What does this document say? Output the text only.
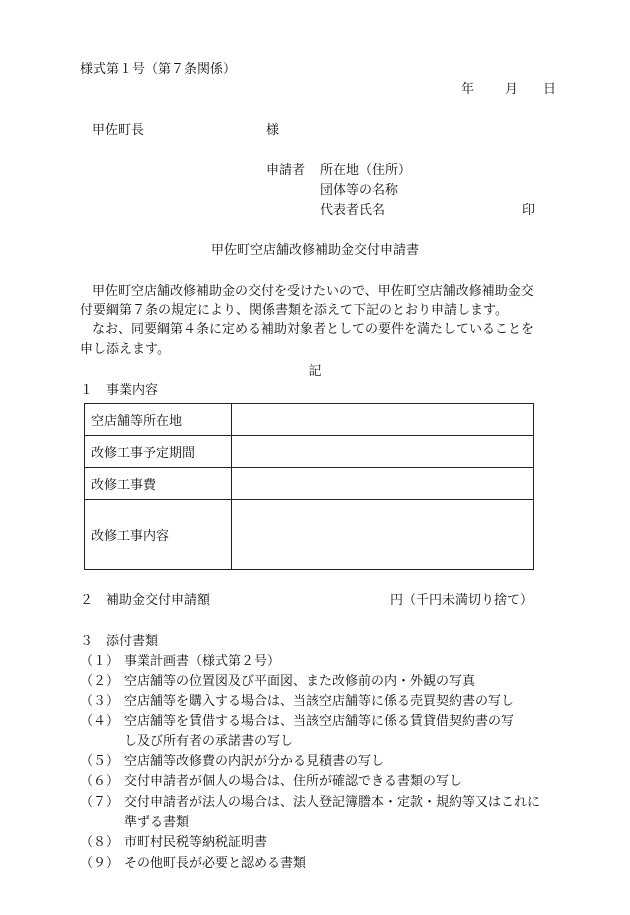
様式第１号（第７条関係）
年 月 日
甲佐町長	様
申請者 所在地（住所）
団体等の名称
代表者氏名	印
甲佐町空店舗改修補助金交付申請書
甲佐町空店舗改修補助金の交付を受けたいので、甲佐町空店舗改修補助金交
付要綱第７条の規定により、関係書類を添えて下記のとおり申請します。
なお、同要綱第４条に定める補助対象者としての要件を満たしていることを
申し添えます。
記
１　事業内容
空店舗等所在地	
改修工事予定期間	
改修工事費	
改修工事内容	
２　補助金交付申請額	円（千円未満切り捨て）
３　添付書類
（１） 事業計画書（様式第２号）
（２） 空店舗等の位置図及び平面図、また改修前の内・外観の写真
（３） 空店舗等を購入する場合は、当該空店舗等に係る売買契約書の写し
（４） 空店舗等を賃借する場合は、当該空店舗等に係る賃貸借契約書の写
し及び所有者の承諾書の写し
（５） 空店舗等改修費の内訳が分かる見積書の写し
（６） 交付申請者が個人の場合は、住所が確認できる書類の写し
（７） 交付申請者が法人の場合は、法人登記簿謄本・定款・規約等又はこれに
準ずる書類
（８） 市町村民税等納税証明書
（９） その他町長が必要と認める書類
